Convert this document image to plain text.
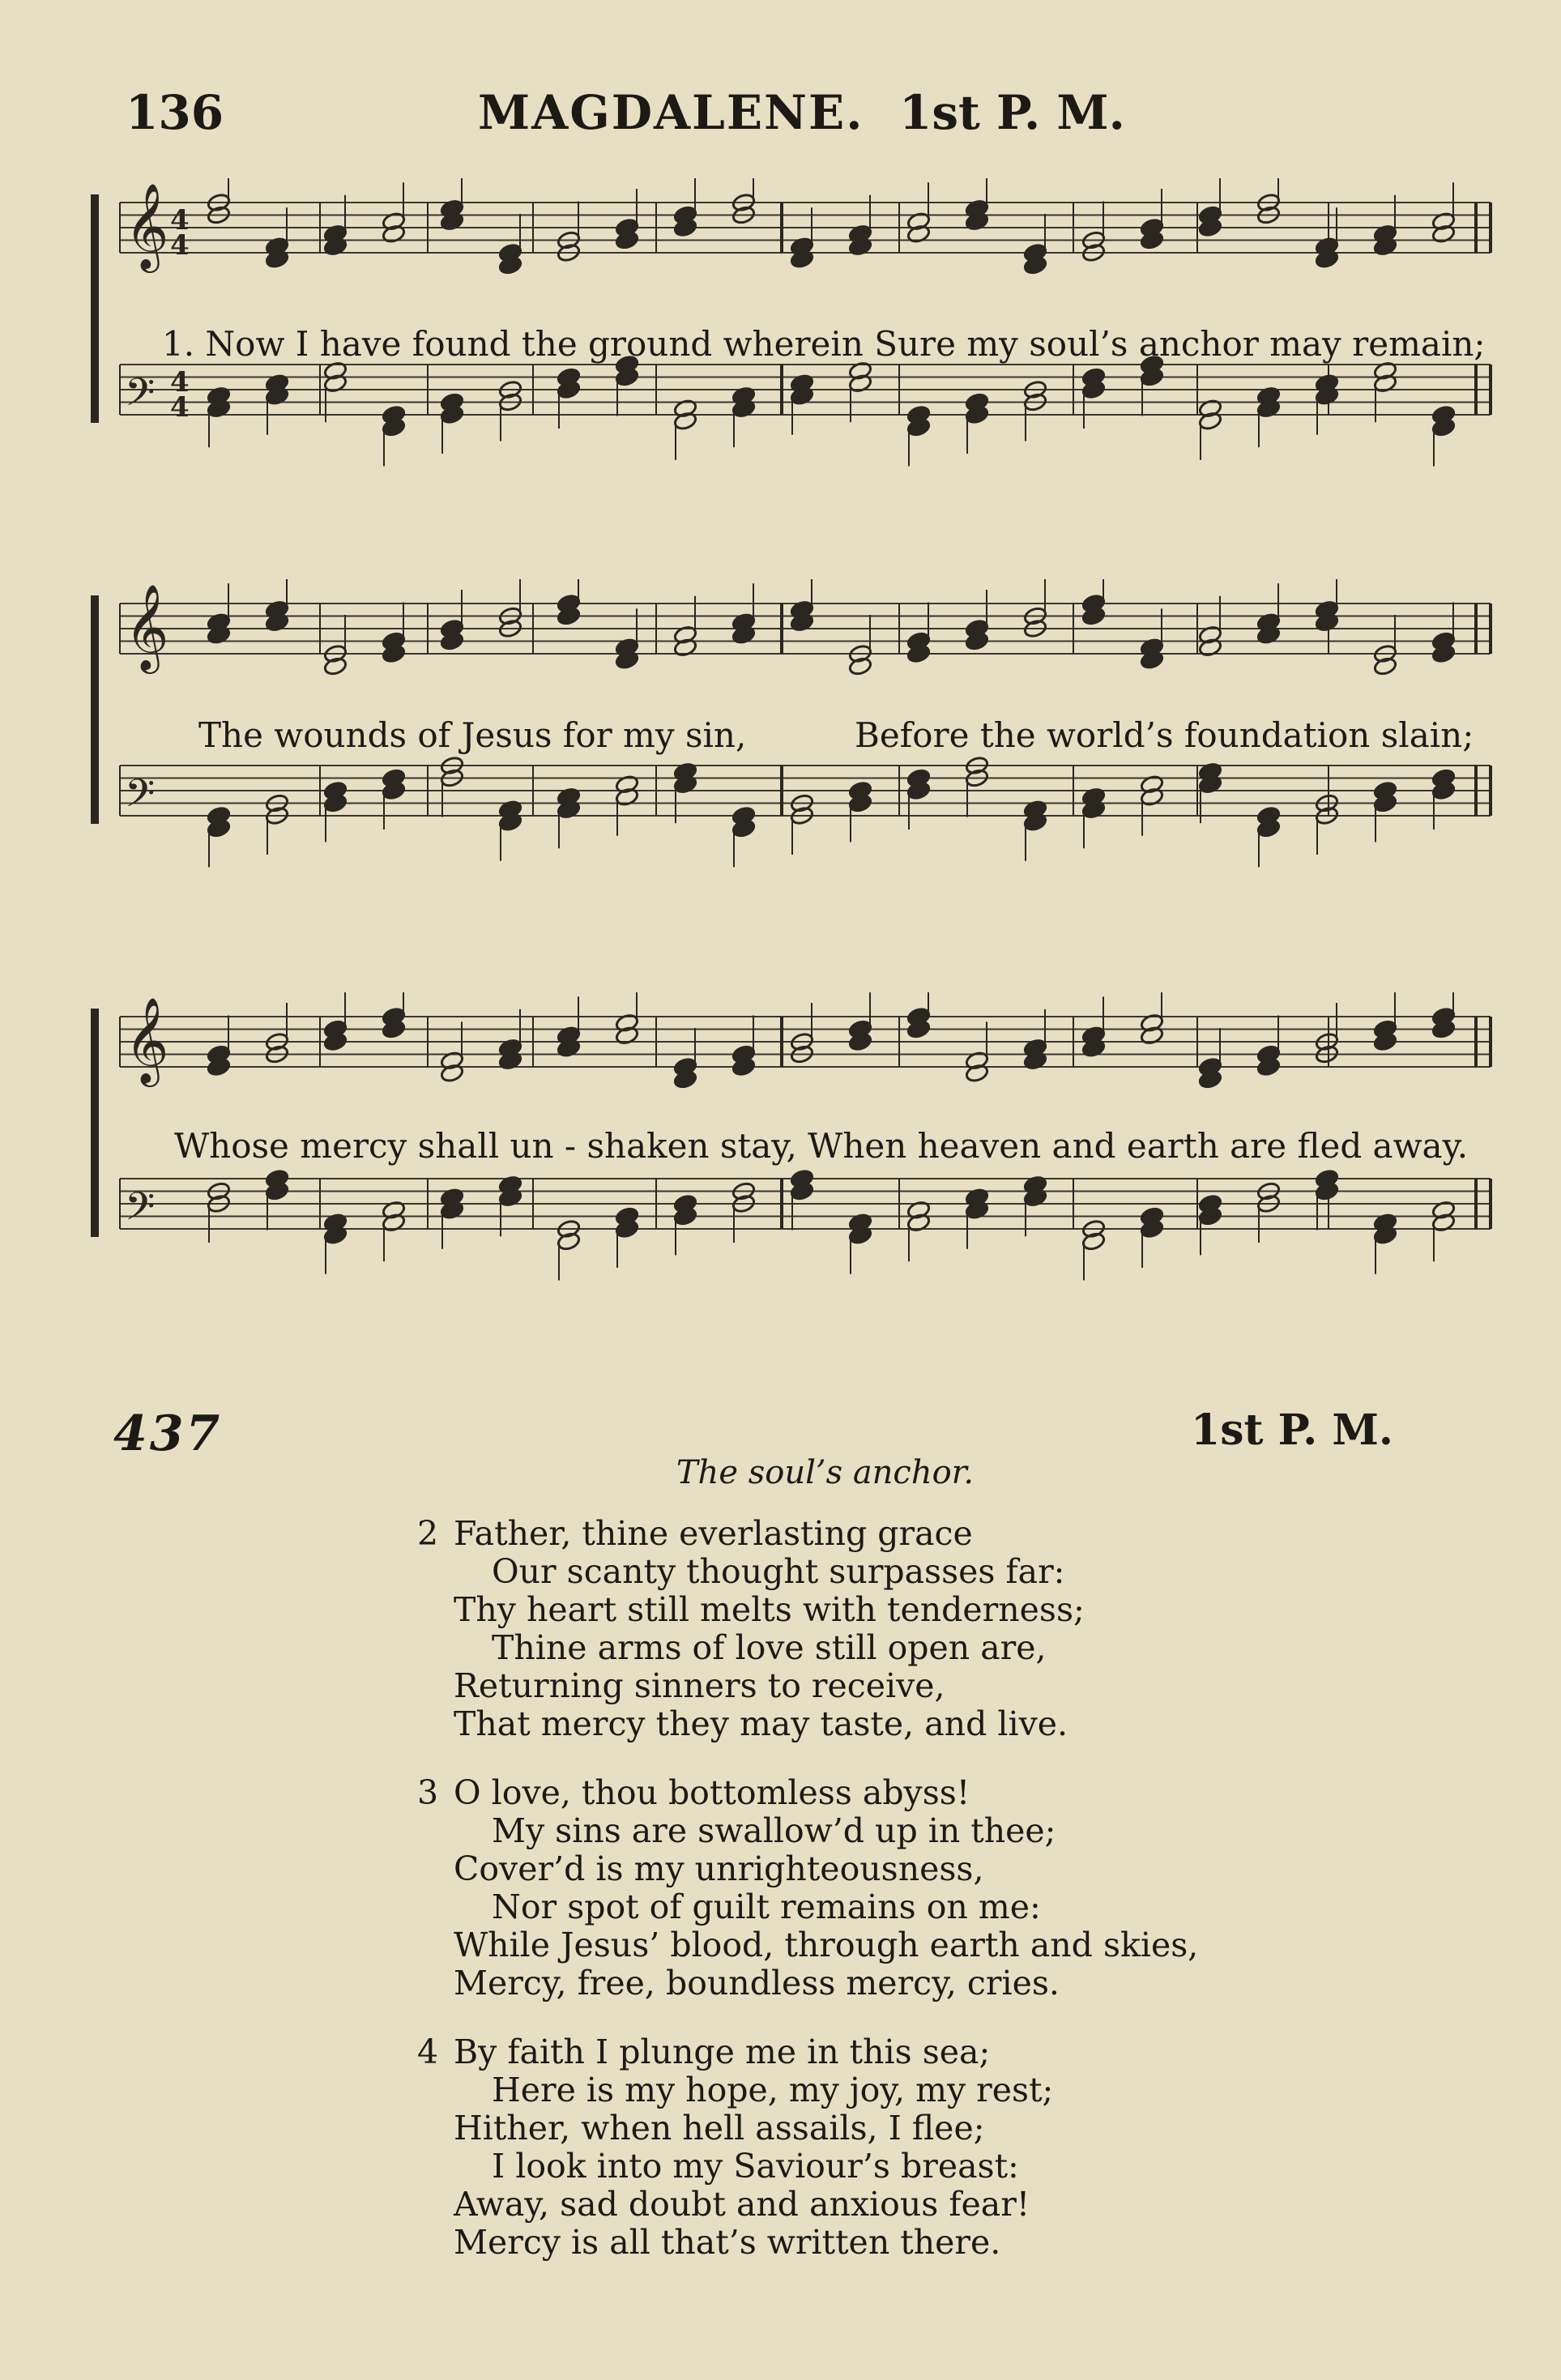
136	MAGDALENE. 1st P. M.
𝄞 4
4
𝄢 4
4
1. Now I have found the ground wherein Sure my soul’s anchor may remain;
𝄞
𝄢
The wounds of Jesus for my sin,	Before the world’s foundation slain;
𝄞
𝄢
Whose mercy shall un - shaken stay, When heaven and earth are fled away.
437	1st P. M.
The soul’s anchor.
2 Father, thine everlasting grace
Our scanty thought surpasses far:
Thy heart still melts with tenderness;
Thine arms of love still open are,
Returning sinners to receive,
That mercy they may taste, and live.
3 O love, thou bottomless abyss!
My sins are swallow’d up in thee;
Cover’d is my unrighteousness,
Nor spot of guilt remains on me:
While Jesus’ blood, through earth and skies,
Mercy, free, boundless mercy, cries.
4 By faith I plunge me in this sea;
Here is my hope, my joy, my rest;
Hither, when hell assails, I flee;
I look into my Saviour’s breast:
Away, sad doubt and anxious fear!
Mercy is all that’s written there.
